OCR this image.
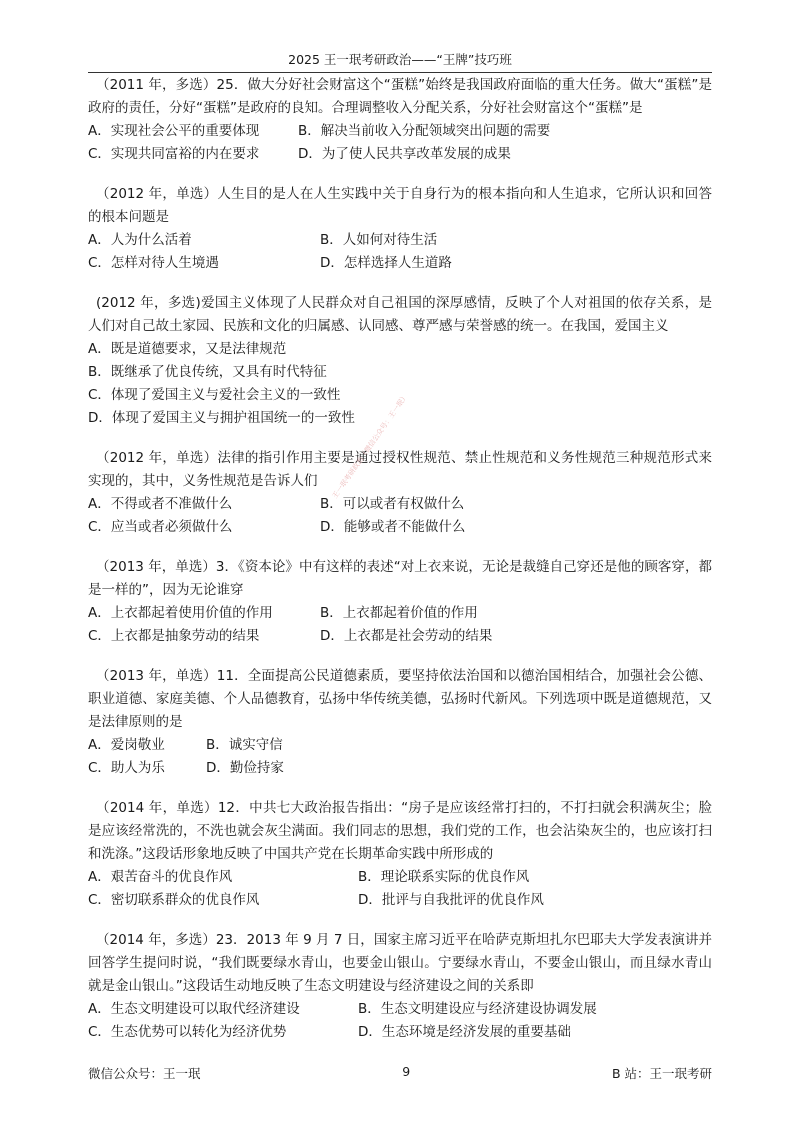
2025 王一珉考研政治——“王牌”技巧班

（2011 年，多选）25．做大分好社会财富这个“蛋糕”始终是我国政府面临的重大任务。做大“蛋糕”是政府的责任，分好“蛋糕”是政府的良知。合理调整收入分配关系，分好社会财富这个“蛋糕”是

A．实现社会公平的重要体现	B．解决当前收入分配领域突出问题的需要
C．实现共同富裕的内在要求	D．为了使人民共享改革发展的成果

（2012 年，单选）人生目的是人在人生实践中关于自身行为的根本指向和人生追求，它所认识和回答的根本问题是

A．人为什么活着	B．人如何对待生活
C．怎样对待人生境遇	D．怎样选择人生道路

(2012 年，多选)爱国主义体现了人民群众对自己祖国的深厚感情，反映了个人对祖国的依存关系，是人们对自己故土家园、民族和文化的归属感、认同感、尊严感与荣誉感的统一。在我国，爱国主义

A．既是道德要求，又是法律规范
B．既继承了优良传统，又具有时代特征
C．体现了爱国主义与爱社会主义的一致性
D．体现了爱国主义与拥护祖国统一的一致性

（2012 年，单选）法律的指引作用主要是通过授权性规范、禁止性规范和义务性规范三种规范形式来实现的，其中，义务性规范是告诉人们

A．不得或者不准做什么	B．可以或者有权做什么
C．应当或者必须做什么	D．能够或者不能做什么

（2013 年，单选）3．《资本论》中有这样的表述“对上衣来说，无论是裁缝自己穿还是他的顾客穿，都是一样的”，因为无论谁穿

A．上衣都起着使用价值的作用	B．上衣都起着价值的作用
C．上衣都是抽象劳动的结果	D．上衣都是社会劳动的结果

（2013 年，单选）11．全面提高公民道德素质，要坚持依法治国和以德治国相结合，加强社会公德、职业道德、家庭美德、个人品德教育，弘扬中华传统美德，弘扬时代新风。下列选项中既是道德规范，又是法律原则的是

A．爱岗敬业	B．诚实守信
C．助人为乐	D．勤俭持家

（2014 年，单选）12．中共七大政治报告指出：“房子是应该经常打扫的，不打扫就会积满灰尘；脸是应该经常洗的，不洗也就会灰尘满面。我们同志的思想，我们党的工作，也会沾染灰尘的，也应该打扫和洗涤。”这段话形象地反映了中国共产党在长期革命实践中所形成的

A．艰苦奋斗的优良作风	B．理论联系实际的优良作风
C．密切联系群众的优良作风	D．批评与自我批评的优良作风

（2014 年，多选）23．2013 年 9 月 7 日，国家主席习近平在哈萨克斯坦扎尔巴耶夫大学发表演讲并回答学生提问时说，“我们既要绿水青山，也要金山银山。宁要绿水青山，不要金山银山，而且绿水青山就是金山银山。”这段话生动地反映了生态文明建设与经济建设之间的关系即

A．生态文明建设可以取代经济建设	B．生态文明建设应与经济建设协调发展
C．生态优势可以转化为经济优势	D．生态环境是经济发展的重要基础
王一珉考研政治（微信公众号：王一珉）
微信公众号：王一珉	9	B 站：王一珉考研
